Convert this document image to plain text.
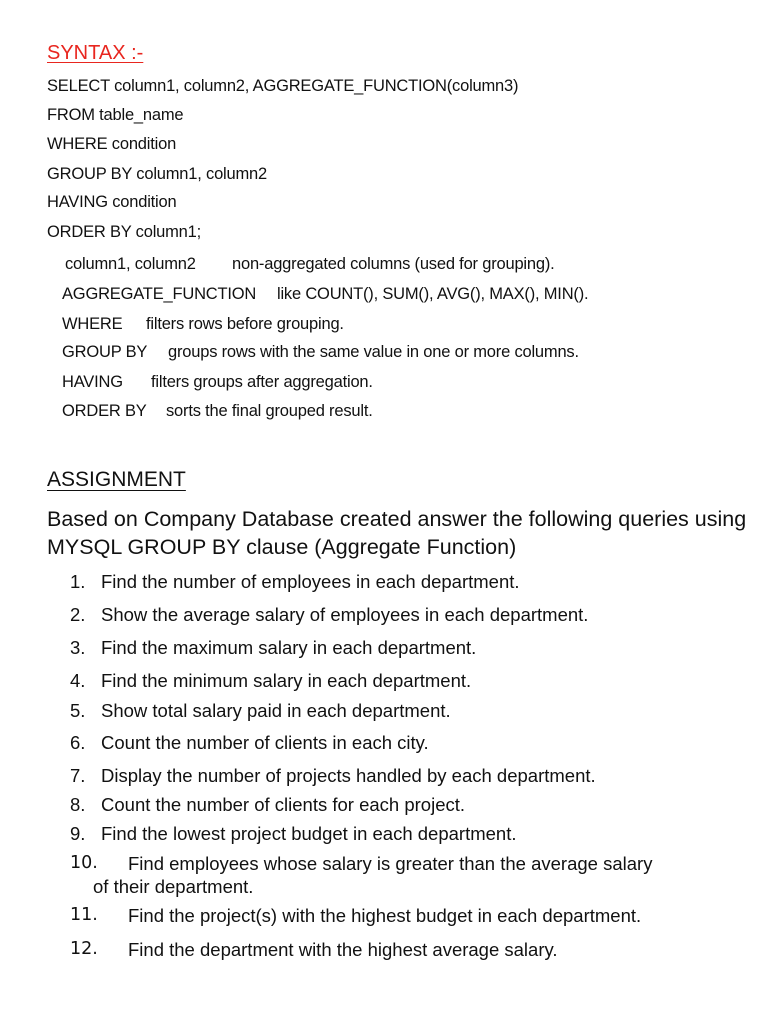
SYNTAX :-
SELECT column1, column2, AGGREGATE_FUNCTION(column3)
FROM table_name
WHERE condition
GROUP BY column1, column2
HAVING condition
ORDER BY column1;
column1, column2 non-aggregated columns (used for grouping).
AGGREGATE_FUNCTION like COUNT(), SUM(), AVG(), MAX(), MIN().
WHERE filters rows before grouping.
GROUP BY groups rows with the same value in one or more columns.
HAVING filters groups after aggregation.
ORDER BY sorts the final grouped result.
ASSIGNMENT
Based on Company Database created answer the following queries using MYSQL GROUP BY clause (Aggregate Function)
1. Find the number of employees in each department.
2. Show the average salary of employees in each department.
3. Find the maximum salary in each department.
4. Find the minimum salary in each department.
5. Show total salary paid in each department.
6. Count the number of clients in each city.
7. Display the number of projects handled by each department.
8. Count the number of clients for each project.
9. Find the lowest project budget in each department.
10. Find employees whose salary is greater than the average salary
of their department.
11. Find the project(s) with the highest budget in each department.
12. Find the department with the highest average salary.
